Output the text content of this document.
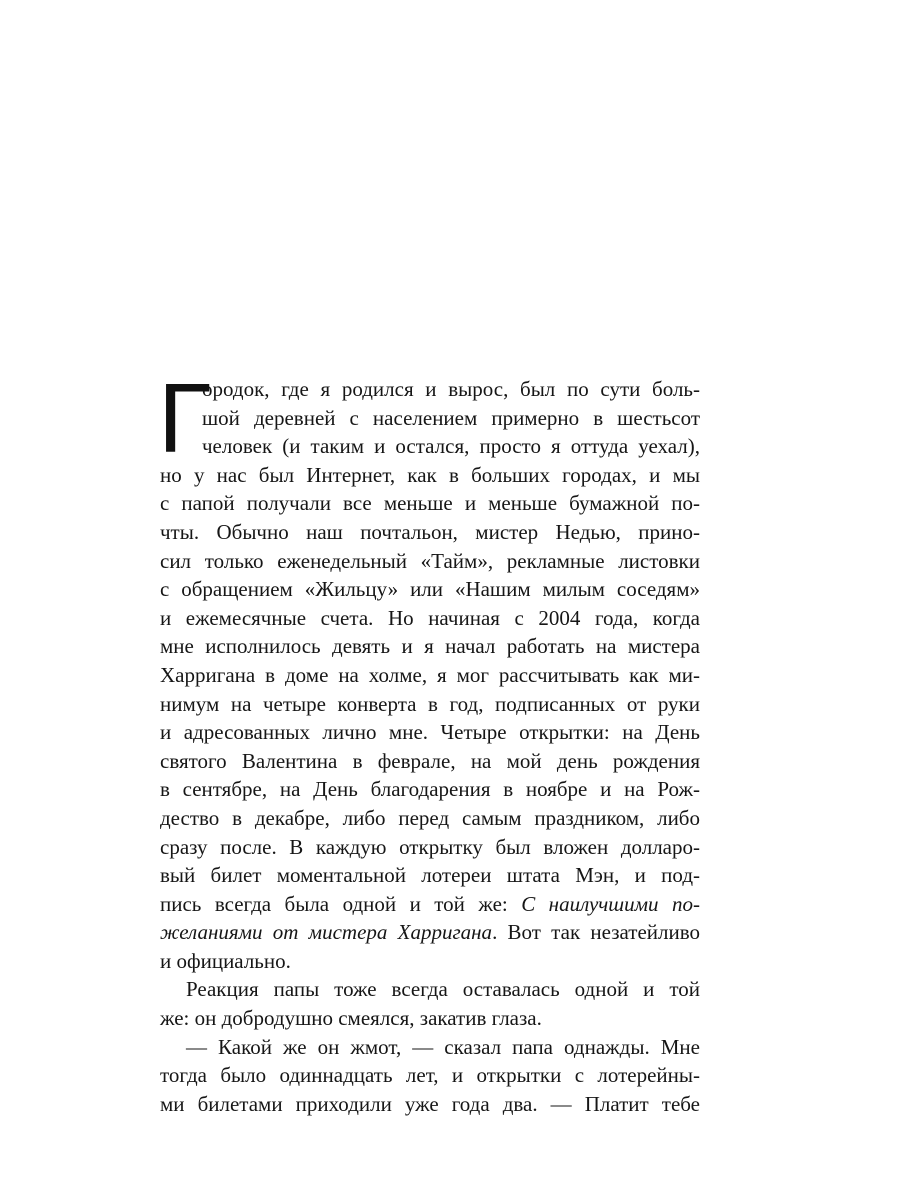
Г
ородок, где я родился и вырос, был по сути боль-
шой деревней с населением примерно в шестьсот
человек (и таким и остался, просто я оттуда уехал),
но у нас был Интернет, как в больших городах, и мы
с папой получали все меньше и меньше бумажной по-
чты. Обычно наш почтальон, мистер Недью, прино-
сил только еженедельный «Тайм», рекламные листовки
с обращением «Жильцу» или «Нашим милым соседям»
и ежемесячные счета. Но начиная с 2004 года, когда
мне исполнилось девять и я начал работать на мистера
Харригана в доме на холме, я мог рассчитывать как ми-
нимум на четыре конверта в год, подписанных от руки
и адресованных лично мне. Четыре открытки: на День
святого Валентина в феврале, на мой день рождения
в сентябре, на День благодарения в ноябре и на Рож-
дество в декабре, либо перед самым праздником, либо
сразу после. В каждую открытку был вложен долларо-
вый билет моментальной лотереи штата Мэн, и под-
пись всегда была одной и той же: С наилучшими по-
желаниями от мистера Харригана. Вот так незатейливо
и официально.
Реакция папы тоже всегда оставалась одной и той
же: он добродушно смеялся, закатив глаза.
— Какой же он жмот, — сказал папа однажды. Мне
тогда было одиннадцать лет, и открытки с лотерейны-
ми билетами приходили уже года два. — Платит тебе
